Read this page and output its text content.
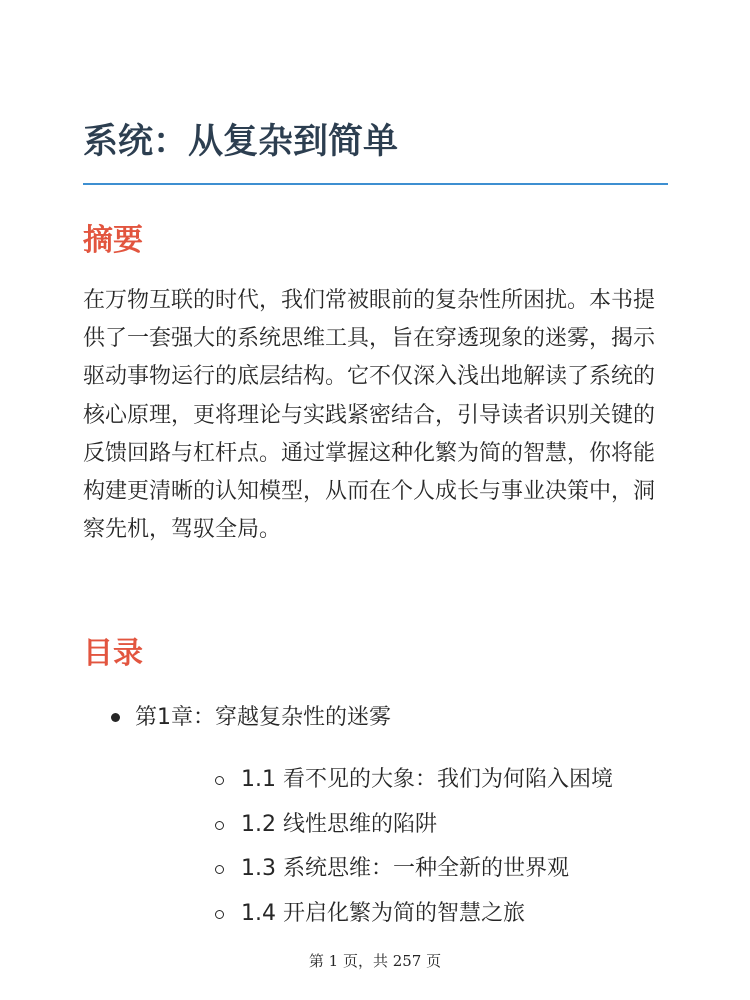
系统：从复杂到简单
摘要

在万物互联的时代，我们常被眼前的复杂性所困扰。本书提供了一套强大的系统思维工具，旨在穿透现象的迷雾，揭示驱动事物运行的底层结构。它不仅深入浅出地解读了系统的核心原理，更将理论与实践紧密结合，引导读者识别关键的反馈回路与杠杆点。通过掌握这种化繁为简的智慧，你将能构建更清晰的认知模型，从而在个人成长与事业决策中，洞察先机，驾驭全局。

目录
第1章：穿越复杂性的迷雾
1.1 看不见的大象：我们为何陷入困境
1.2 线性思维的陷阱
1.3 系统思维：一种全新的世界观
1.4 开启化繁为简的智慧之旅
第 1 页，共 257 页
